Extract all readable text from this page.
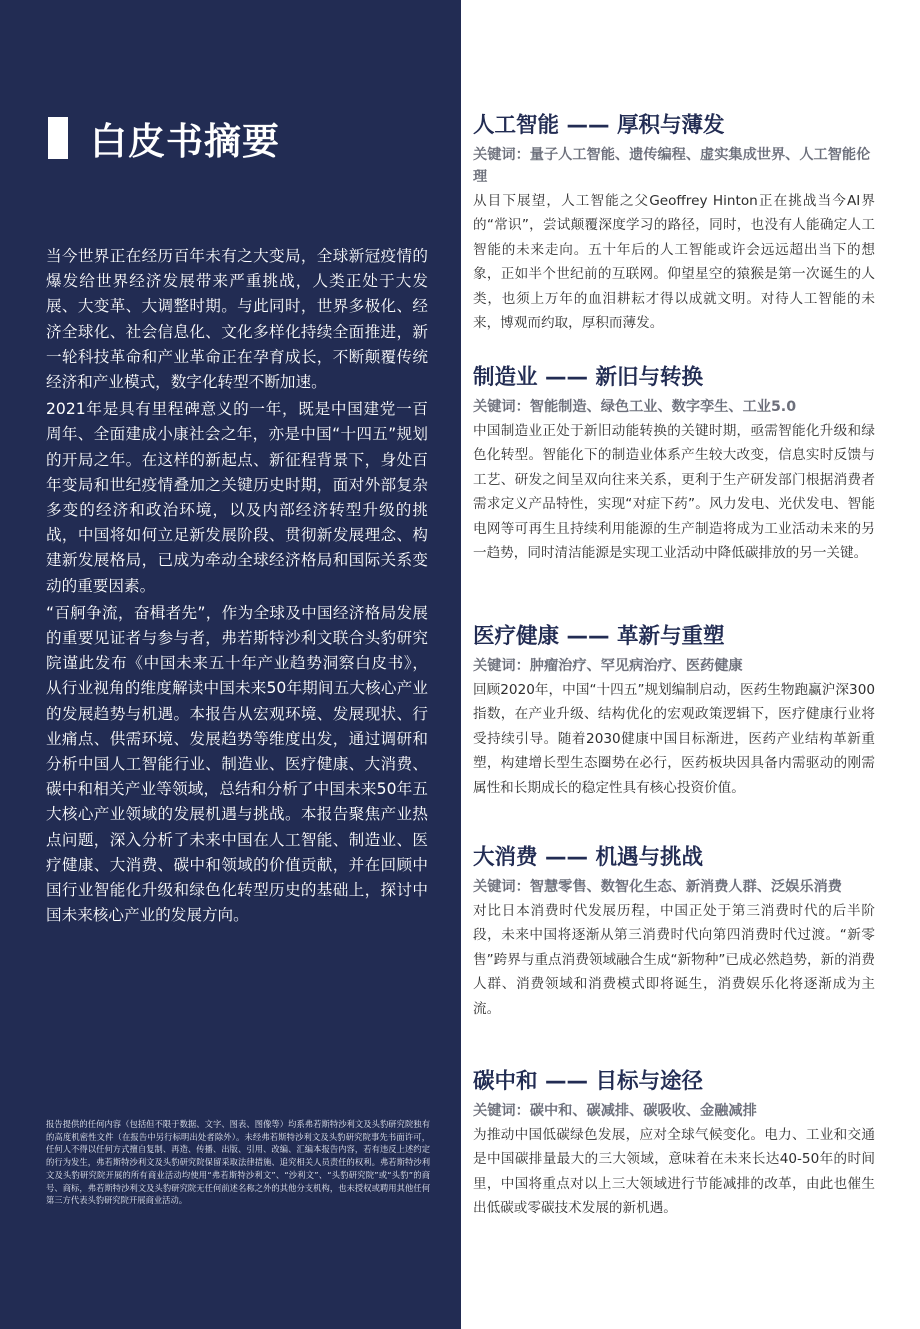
白皮书摘要

当今世界正在经历百年未有之大变局，全球新冠疫情的爆发给世界经济发展带来严重挑战，人类正处于大发展、大变革、大调整时期。与此同时，世界多极化、经济全球化、社会信息化、文化多样化持续全面推进，新一轮科技革命和产业革命正在孕育成长，不断颠覆传统经济和产业模式，数字化转型不断加速。

2021年是具有里程碑意义的一年，既是中国建党一百周年、全面建成小康社会之年，亦是中国“十四五”规划的开局之年。在这样的新起点、新征程背景下，身处百年变局和世纪疫情叠加之关键历史时期，面对外部复杂多变的经济和政治环境，以及内部经济转型升级的挑战，中国将如何立足新发展阶段、贯彻新发展理念、构建新发展格局，已成为牵动全球经济格局和国际关系变动的重要因素。

“百舸争流，奋楫者先”，作为全球及中国经济格局发展的重要见证者与参与者，弗若斯特沙利文联合头豹研究院谨此发布《中国未来五十年产业趋势洞察白皮书》，从行业视角的维度解读中国未来50年期间五大核心产业的发展趋势与机遇。本报告从宏观环境、发展现状、行业痛点、供需环境、发展趋势等维度出发，通过调研和分析中国人工智能行业、制造业、医疗健康、大消费、碳中和相关产业等领域，总结和分析了中国未来50年五大核心产业领域的发展机遇与挑战。本报告聚焦产业热点问题，深入分析了未来中国在人工智能、制造业、医疗健康、大消费、碳中和领域的价值贡献，并在回顾中国行业智能化升级和绿色化转型历史的基础上，探讨中国未来核心产业的发展方向。

报告提供的任何内容（包括但不限于数据、文字、图表、图像等）均系弗若斯特沙利文及头豹研究院独有的高度机密性文件（在报告中另行标明出处者除外）。未经弗若斯特沙利文及头豹研究院事先书面许可，任何人不得以任何方式擅自复制、再造、传播、出版、引用、改编、汇编本报告内容，若有违反上述约定的行为发生，弗若斯特沙利文及头豹研究院保留采取法律措施、追究相关人员责任的权利。弗若斯特沙利文及头豹研究院开展的所有商业活动均使用“弗若斯特沙利文”、“沙利文”、“头豹研究院”或“头豹”的商号、商标，弗若斯特沙利文及头豹研究院无任何前述名称之外的其他分支机构，也未授权或聘用其他任何第三方代表头豹研究院开展商业活动。
人工智能 —— 厚积与薄发
关键词：量子人工智能、遗传编程、虚实集成世界、人工智能伦理
从目下展望，人工智能之父Geoffrey Hinton正在挑战当今AI界的“常识”，尝试颠覆深度学习的路径，同时，也没有人能确定人工智能的未来走向。五十年后的人工智能或许会远远超出当下的想象，正如半个世纪前的互联网。仰望星空的猿猴是第一次诞生的人类，也须上万年的血泪耕耘才得以成就文明。对待人工智能的未来，博观而约取，厚积而薄发。
制造业 —— 新旧与转换
关键词：智能制造、绿色工业、数字孪生、工业5.0
中国制造业正处于新旧动能转换的关键时期，亟需智能化升级和绿色化转型。智能化下的制造业体系产生较大改变，信息实时反馈与工艺、研发之间呈双向往来关系，更利于生产研发部门根据消费者需求定义产品特性，实现“对症下药”。风力发电、光伏发电、智能电网等可再生且持续利用能源的生产制造将成为工业活动未来的另一趋势，同时清洁能源是实现工业活动中降低碳排放的另一关键。
医疗健康 —— 革新与重塑
关键词：肿瘤治疗、罕见病治疗、医药健康
回顾2020年，中国“十四五”规划编制启动，医药生物跑赢沪深300指数，在产业升级、结构优化的宏观政策逻辑下，医疗健康行业将受持续引导。随着2030健康中国目标渐进，医药产业结构革新重塑，构建增长型生态圈势在必行，医药板块因具备内需驱动的刚需属性和长期成长的稳定性具有核心投资价值。
大消费 —— 机遇与挑战
关键词：智慧零售、数智化生态、新消费人群、泛娱乐消费
对比日本消费时代发展历程，中国正处于第三消费时代的后半阶段，未来中国将逐渐从第三消费时代向第四消费时代过渡。“新零售”跨界与重点消费领域融合生成“新物种”已成必然趋势，新的消费人群、消费领域和消费模式即将诞生，消费娱乐化将逐渐成为主流。
碳中和 —— 目标与途径
关键词：碳中和、碳减排、碳吸收、金融减排
为推动中国低碳绿色发展，应对全球气候变化。电力、工业和交通是中国碳排量最大的三大领域，意味着在未来长达40-50年的时间里，中国将重点对以上三大领域进行节能减排的改革，由此也催生出低碳或零碳技术发展的新机遇。
